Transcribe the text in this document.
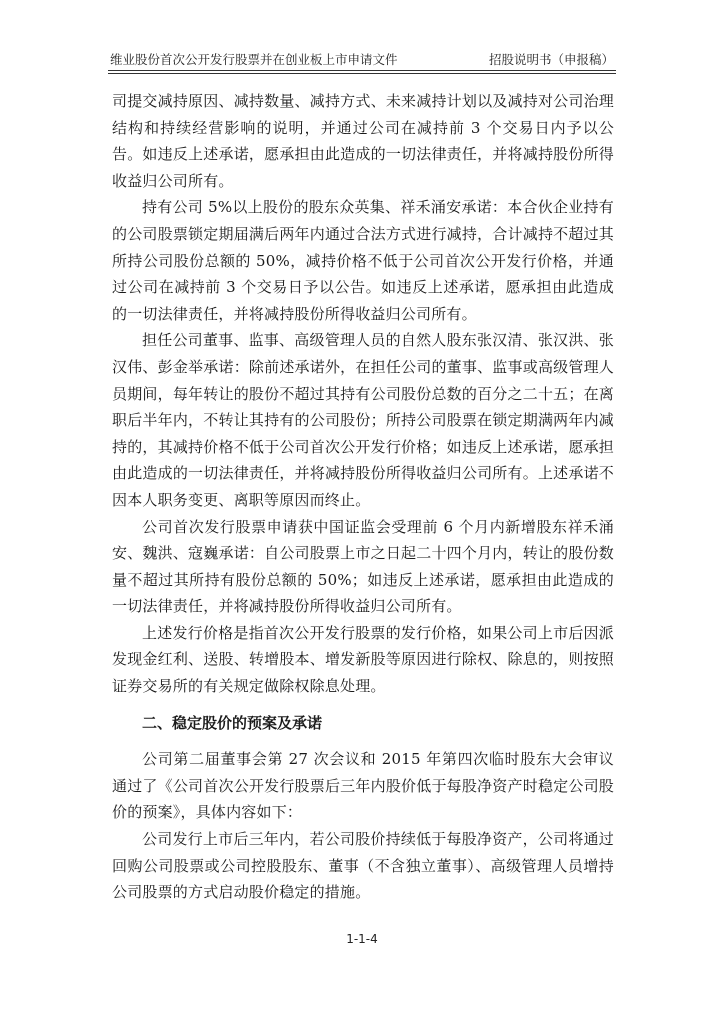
维业股份首次公开发行股票并在创业板上市申请文件	招股说明书（申报稿）

司提交减持原因、减持数量、减持方式、未来减持计划以及减持对公司治理结构和持续经营影响的说明，并通过公司在减持前 3 个交易日内予以公告。如违反上述承诺，愿承担由此造成的一切法律责任，并将减持股份所得收益归公司所有。

持有公司 5%以上股份的股东众英集、祥禾涌安承诺：本合伙企业持有的公司股票锁定期届满后两年内通过合法方式进行减持，合计减持不超过其所持公司股份总额的 50%，减持价格不低于公司首次公开发行价格，并通过公司在减持前 3 个交易日予以公告。如违反上述承诺，愿承担由此造成的一切法律责任，并将减持股份所得收益归公司所有。

担任公司董事、监事、高级管理人员的自然人股东张汉清、张汉洪、张汉伟、彭金举承诺：除前述承诺外，在担任公司的董事、监事或高级管理人员期间，每年转让的股份不超过其持有公司股份总数的百分之二十五；在离职后半年内，不转让其持有的公司股份；所持公司股票在锁定期满两年内减持的，其减持价格不低于公司首次公开发行价格；如违反上述承诺，愿承担由此造成的一切法律责任，并将减持股份所得收益归公司所有。上述承诺不因本人职务变更、离职等原因而终止。

公司首次发行股票申请获中国证监会受理前 6 个月内新增股东祥禾涌安、魏洪、寇巍承诺：自公司股票上市之日起二十四个月内，转让的股份数量不超过其所持有股份总额的 50%；如违反上述承诺，愿承担由此造成的一切法律责任，并将减持股份所得收益归公司所有。

上述发行价格是指首次公开发行股票的发行价格，如果公司上市后因派发现金红利、送股、转增股本、增发新股等原因进行除权、除息的，则按照证券交易所的有关规定做除权除息处理。

二、稳定股价的预案及承诺

公司第二届董事会第 27 次会议和 2015 年第四次临时股东大会审议通过了《公司首次公开发行股票后三年内股价低于每股净资产时稳定公司股价的预案》，具体内容如下：

公司发行上市后三年内，若公司股价持续低于每股净资产，公司将通过回购公司股票或公司控股股东、董事（不含独立董事）、高级管理人员增持公司股票的方式启动股价稳定的措施。

1-1-4
